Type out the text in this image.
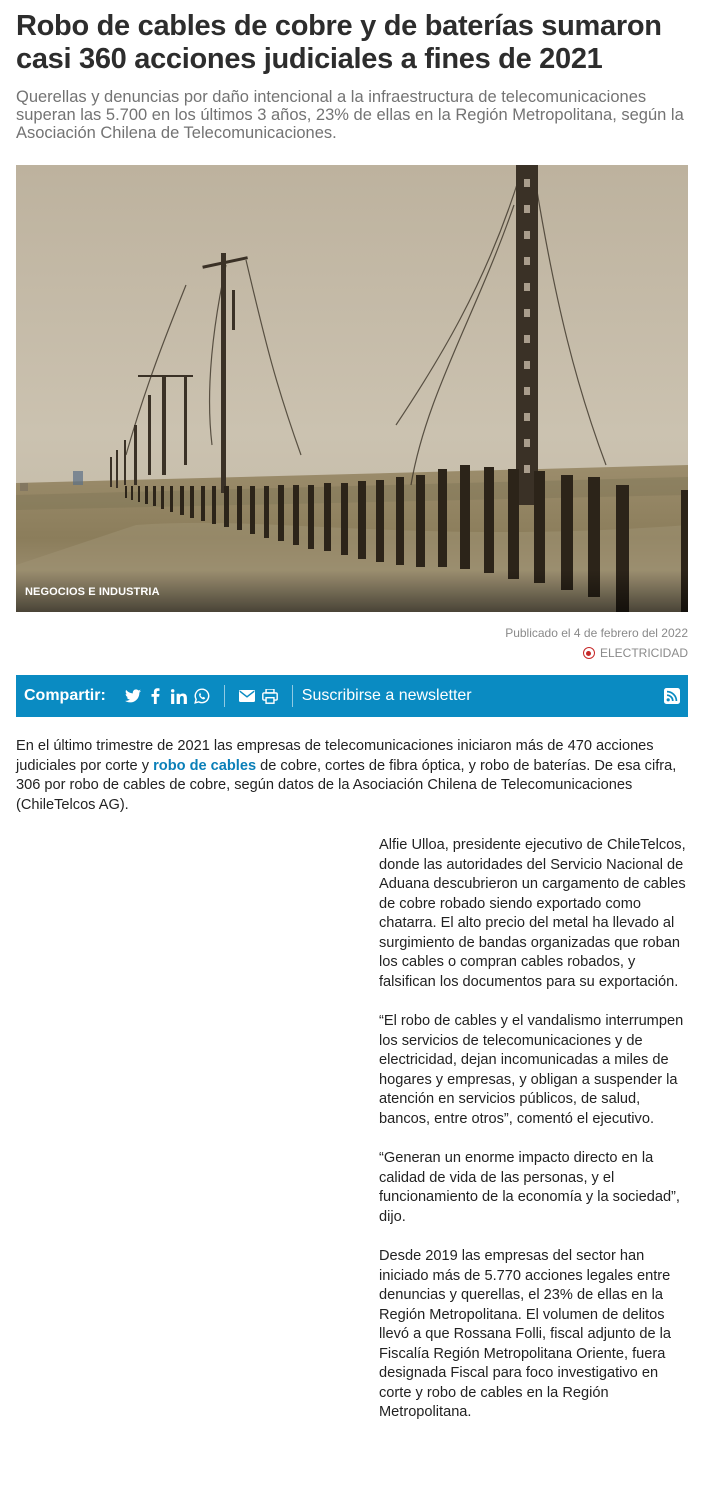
Robo de cables de cobre y de baterías sumaron casi 360 acciones judiciales a fines de 2021

Querellas y denuncias por daño intencional a la infraestructura de telecomunicaciones superan las 5.700 en los últimos 3 años, 23% de ellas en la Región Metropolitana, según la Asociación Chilena de Telecomunicaciones.

NEGOCIOS E INDUSTRIA

Publicado el 4 de febrero del 2022

ELECTRICIDAD
Compartir:	Suscribirse a newsletter

En el último trimestre de 2021 las empresas de telecomunicaciones iniciaron más de 470 acciones judiciales por corte y robo de cables de cobre, cortes de fibra óptica, y robo de baterías. De esa cifra, 306 por robo de cables de cobre, según datos de la Asociación Chilena de Telecomunicaciones (ChileTelcos AG).

Alfie Ulloa, presidente ejecutivo de ChileTelcos, donde las autoridades del Servicio Nacional de Aduana descubrieron un cargamento de cables de cobre robado siendo exportado como chatarra. El alto precio del metal ha llevado al surgimiento de bandas organizadas que roban los cables o compran cables robados, y falsifican los documentos para su exportación.

“El robo de cables y el vandalismo interrumpen los servicios de telecomunicaciones y de electricidad, dejan incomunicadas a miles de hogares y empresas, y obligan a suspender la atención en servicios públicos, de salud, bancos, entre otros”, comentó el ejecutivo.

“Generan un enorme impacto directo en la calidad de vida de las personas, y el funcionamiento de la economía y la sociedad”, dijo.

Desde 2019 las empresas del sector han iniciado más de 5.770 acciones legales entre denuncias y querellas, el 23% de ellas en la Región Metropolitana. El volumen de delitos llevó a que Rossana Folli, fiscal adjunto de la Fiscalía Región Metropolitana Oriente, fuera designada Fiscal para foco investigativo en corte y robo de cables en la Región Metropolitana.
